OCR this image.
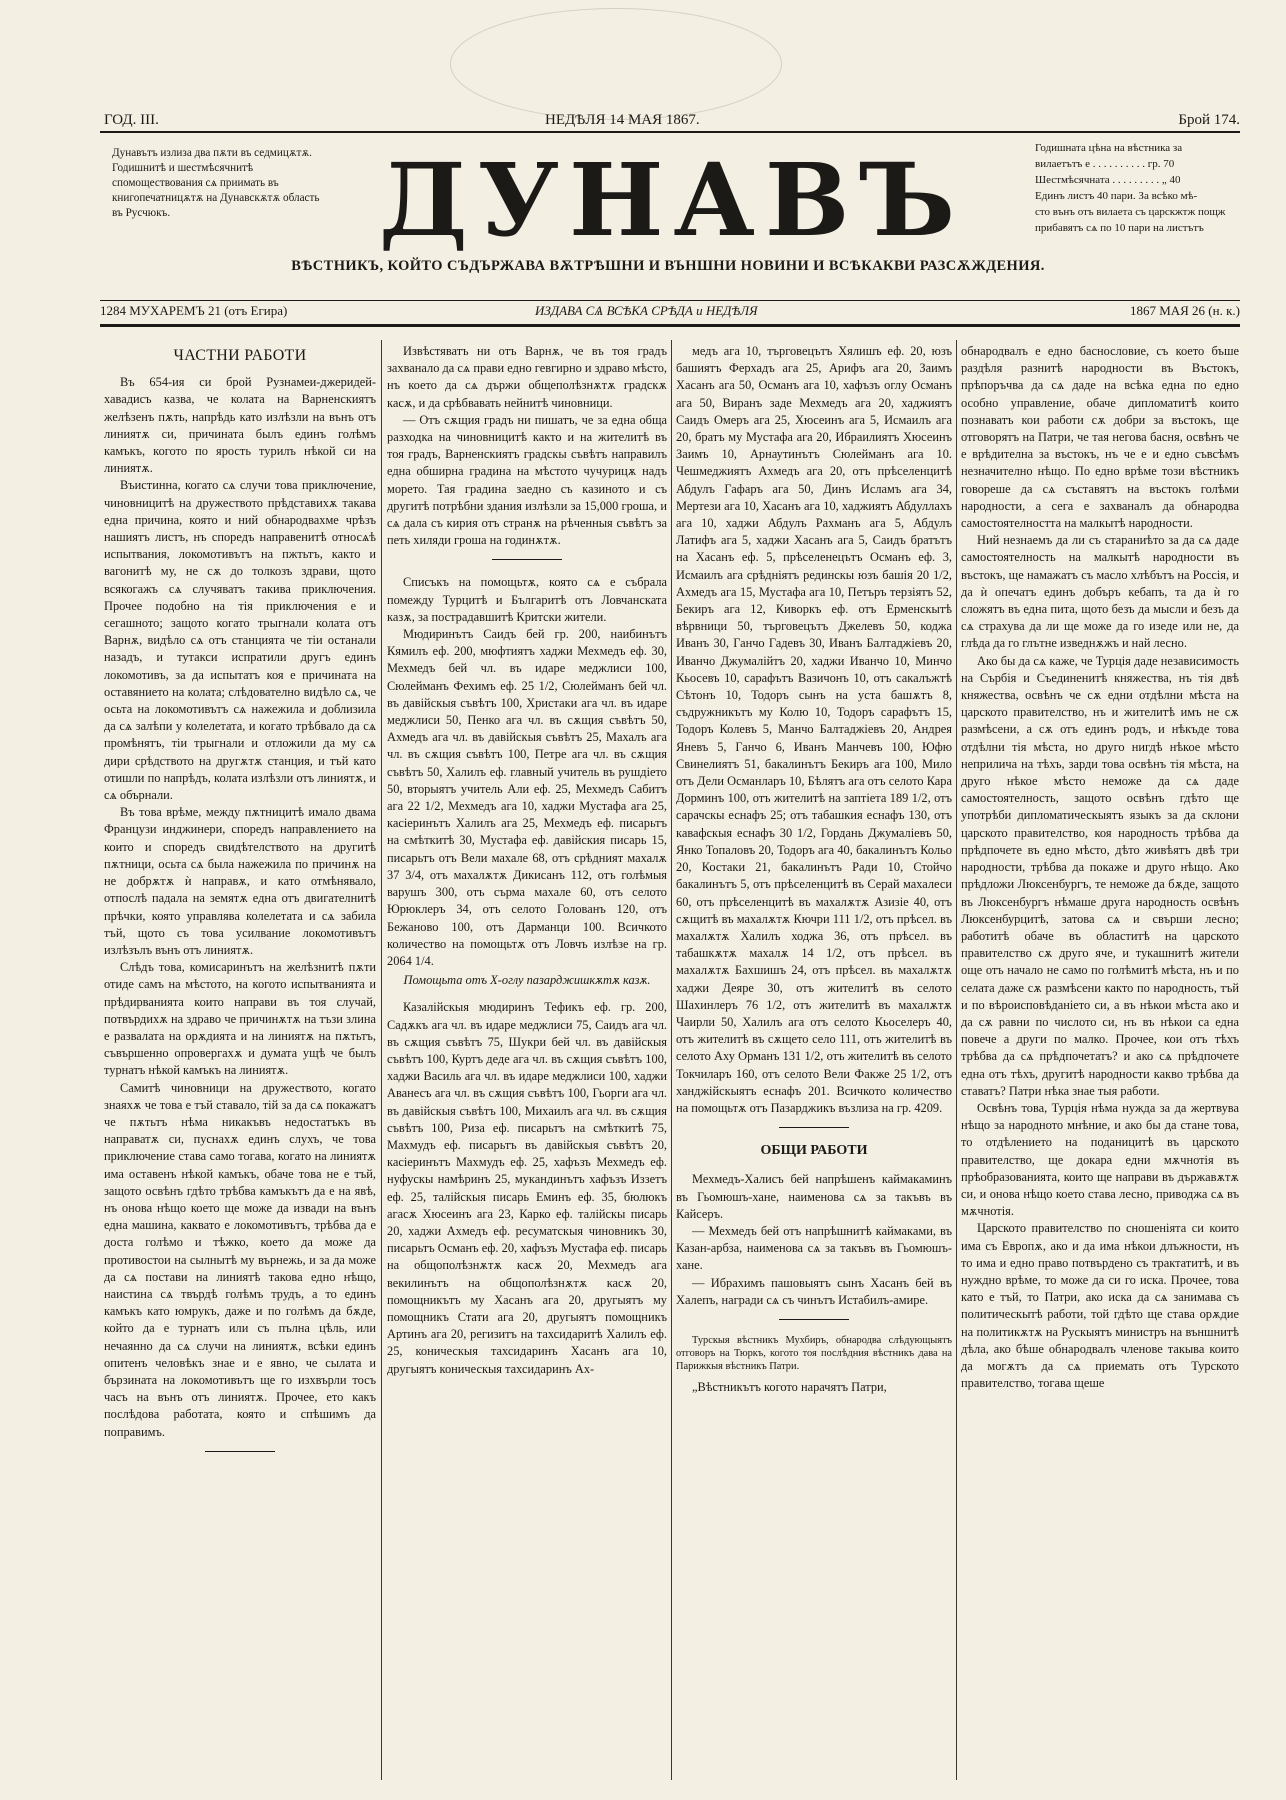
ГОД. III.	НЕДѢЛЯ 14 МАЯ 1867.	Брой 174.
Дунавътъ излиза два пѫти въ седмицѫтѫ. Годишнитѣ и шестмѣсячнитѣ спомоществования сѧ приимать въ книгопечатницѫтѫ на Дунавскѫтѫ область въ Русчюкъ.
Годишната цѣна на вѣстника за
вилаетътъ е . . . . . . . . . . гр. 70
Шестмѣсячната . . . . . . . . . „ 40
Единъ листъ 40 пари. За всѣко мѣ-
сто вънъ отъ вилаета съ царскжтж пощж
прибавятъ сѧ по 10 пари на листътъ
ДУНАВЪ
ВѢСТНИКЪ, КОЙТО СЪДЪРЖАВА ВѪТРѢШНИ И ВЪНШНИ НОВИНИ И ВСѢКАКВИ РАЗСѪЖДЕНИЯ.
1284 МУХАРЕМЪ 21 (отъ Егира)	ИЗДАВА СѦ ВСѢКА СРѢДА и НЕДѢЛЯ	1867 МАЯ 26 (н. к.)
ЧАСТНИ РАБОТИ

Въ 654-ия си брой Рузнамеи-джеридей-хавадисъ казва, че колата на Варненскиятъ желѣзенъ пѫть, напрѣдь като излѣзли на вънъ отъ линиятѫ си, причината былъ единъ голѣмъ камъкъ, когото по ярость турилъ нѣкой си на линиятѫ.

Въистинна, когато сѧ случи това приключение, чиновницитѣ на дружеството прѣдставихѫ такава една причина, която и ний обнародвахме чрѣзъ нашиятъ листъ, нъ споредъ направенитѣ относѧѣ испытвания, локомотивътъ на пжтьтъ, както и вагонитѣ му, не сѫ до толкозъ здрави, щото всякогажъ сѧ случяватъ такива приключения. Прочее подобно на тія приключения е и сегашното; защото когато трыгнали колата отъ Варнѫ, видѣло сѧ отъ станцията че тіи останали назадъ, и тутакси испратили другъ единъ локомотивъ, за да испытатъ коя е причината на оставянието на колата; слѣдователно видѣло сѧ, че осьта на локомотивътъ сѧ нажежила и доблизила да сѧ залѣпи у колелетата, и когато трѣбвало да сѧ промѣнятъ, тіи трыгнали и отложили да му сѧ дири срѣдството на другѫтѫ станция, и тъй като отишли по напрѣдъ, колата излѣзли отъ линиятѫ, и сѧ обърнали.

Въ това врѣме, между пѫтницитѣ имало двама Французи инджинери, споредъ направлението на които и споредъ свидѣтелството на другитѣ пѫтници, осьта сѧ была нажежила по причинѫ на не добрѫтѫ ѝ направѫ, и като отмѣнявало, отпослѣ падала на земятѫ една отъ двигателнитѣ прѣчки, която управлява колелетата и сѧ забила тъй, щото съ това усилвание локомотивътъ излѣзълъ вънъ отъ линиятѫ.

Слѣдъ това, комисаринътъ на желѣзнитѣ пѫти отиде самъ на мѣстото, на когото испытванията и прѣдирванията които направи въ тоя случай, потвърдихѫ на здраво че причинѫтѫ на тъзи злина е развалата на орѫдията и на линиятѫ на пѫтьтъ, съвършенно опровергахѫ и думата ущѣ че былъ турнатъ нѣкой камъкъ на линиятѫ.

Самитѣ чиновници на дружеството, когато знаяхѫ че това е тъй ставало, тій за да сѧ покажатъ че пѫтьтъ нѣма никакъвъ недостатъкъ въ направатѫ си, пуснахѫ единъ слухъ, че това приключение става само тогава, когато на линиятѫ има оставенъ нѣкой камъкъ, обаче това не е тъй, защото освѣнъ гдѣто трѣбва камъкътъ да е на явѣ, нъ онова нѣщо което ще може да извади на вънъ една машина, каквато е локомотивътъ, трѣбва да е доста голѣмо и тѣжко, което да може да противостои на сылнытѣ му върнежь, и за да може да сѧ постави на линиятѣ такова едно нѣщо, наистина сѧ твърдѣ голѣмъ трудъ, а то единъ камъкъ като юмрукъ, даже и по голѣмъ да бѫде, който да е турнатъ или съ пълна цѣль, или нечаянно да сѧ случи на линиятѫ, всѣки единъ опитенъ человѣкъ знае и е явно, че сылата и бързината на локомотивътъ ще го изхвърли тосъ часъ на вънъ отъ линиятѫ. Прочее, ето какъ послѣдова работата, която и спѣшимъ да поправимъ.

Извѣстяватъ ни отъ Варнѫ, че въ тоя градъ захванало да сѧ прави едно гевгирно и здраво мѣсто, нъ което да сѧ държи общеполѣзнѫтѫ градскѫ касѫ, и да срѣбвавать нейнитѣ чиновници.

— Отъ сѫщия градъ ни пишатъ, че за една обща разходка на чиновницитѣ както и на жителитѣ въ тоя градъ, Варненскиятъ градскы съвѣтъ направилъ една обширна градина на мѣстото чучурицѫ надъ морето. Тая градина заедно съ казиното и съ другитѣ потрѣбни здания излѣзли за 15,000 гроша, и сѧ дала съ кирия отъ странѫ на рѣченныя съвѣтъ за петь хиляди гроша на годинѫтѫ.

Списъкъ на помощьтѫ, която сѧ е събрала помежду Турцитѣ и Българитѣ отъ Ловчанската казѫ, за пострадавшитѣ Критски жители.

Мюдиринътъ Саидъ бей гр. 200, наибинътъ Кямилъ еф. 200, мюфтиятъ хаджи Мехмедъ еф. 30, Мехмедъ бей чл. въ идаре меджлиси 100, Сюлейманъ Фехимъ еф. 25 1/2, Сюлейманъ бей чл. въ давійскыя съвѣтъ 100, Христаки ага чл. въ идаре меджлиси 50, Пенко ага чл. въ сѫщия съвѣтъ 50, Ахмедъ ага чл. въ давійскыя съвѣтъ 25, Махалъ ага чл. въ сѫщия съвѣтъ 100, Петре ага чл. въ сѫщия съвѣтъ 50, Халилъ еф. главный учитель въ рушдіето 50, вторыятъ учитель Али еф. 25, Мехмедъ Сабитъ ага 22 1/2, Мехмедъ ага 10, хаджи Мустафа ага 25, касіеринътъ Халилъ ага 25, Мехмедъ еф. писарьтъ на смѣткитѣ 30, Мустафа еф. давійския писарь 15, писарьтъ отъ Вели махале 68, отъ срѣдният махалѫ 37 3/4, отъ махалѫтѫ Дикисанъ 112, отъ голѣмыя варушъ 300, отъ сърма махале 60, отъ селото Юрюклеръ 34, отъ селото Голованъ 120, отъ Бежаново 100, отъ Дарманци 100. Всичкото количество на помощьтѫ отъ Ловчъ излѣзе на гр. 2064 1/4.

Помощьта отъ Х-оглу пазарджишкѫтѫ казѫ.

Казалійскыя мюдиринъ Тефикъ еф. гр. 200, Садѫкъ ага чл. въ идаре меджлиси 75, Саидъ ага чл. въ сѫщия съвѣтъ 75, Шукри бей чл. въ давійскыя съвѣтъ 100, Куртъ деде ага чл. въ сѫщия съвѣтъ 100, хаджи Василь ага чл. въ идаре меджлиси 100, хаджи Аванесъ ага чл. въ сѫщия съвѣтъ 100, Гьорги ага чл. въ давійскыя съвѣтъ 100, Михаилъ ага чл. въ сѫщия съвѣтъ 100, Риза еф. писарьтъ на смѣткитѣ 75, Махмудъ еф. писарьтъ въ давійскыя съвѣтъ 20, касіеринътъ Махмудъ еф. 25, хафъзъ Мехмедъ еф. нуфускы намѣринъ 25, мукандинътъ хафъзъ Иззетъ еф. 25, талійскыя писарь Еминъ еф. 35, бюлюкъ агасѫ Хюсеинъ ага 23, Карко еф. талійскы писарь 20, хаджи Ахмедъ еф. ресуматскыя чиновникъ 30, писарьтъ Османъ еф. 20, хафъзъ Мустафа еф. писарь на общополѣзнѫтѫ касѫ 20, Мехмедъ ага векилинътъ на общополѣзнѫтѫ касѫ 20, помощникътъ му Хасанъ ага 20, другыятъ му помощникъ Стати ага 20, другыятъ помощникъ Артинъ ага 20, регизитъ на тахсидаритѣ Халилъ еф. 25, коническыя тахсидаринъ Хасанъ ага 10, другыятъ коническыя тахсидаринъ Ах-

медъ ага 10, търговецътъ Хялишъ еф. 20, юзъ башиятъ Ферхадъ ага 25, Арифъ ага 20, Заимъ Хасанъ ага 50, Османъ ага 10, хафъзъ оглу Османъ ага 50, Виранъ заде Мехмедъ ага 20, хаджиятъ Саидъ Омеръ ага 25, Хюсеинъ ага 5, Исмаилъ ага 20, братъ му Мустафа ага 20, Ибраилиятъ Хюсеинъ Заимъ 10, Арнаутинътъ Сюлейманъ ага 10. Чешмеджиятъ Ахмедъ ага 20, отъ прѣселенцитѣ Абдулъ Гафаръ ага 50, Динъ Исламъ ага 34, Мертези ага 10, Хасанъ ага 10, хаджиятъ Абдуллахъ ага 10, хаджи Абдулъ Рахманъ ага 5, Абдулъ Латифъ ага 5, хаджи Хасанъ ага 5, Саидъ братътъ на Хасанъ еф. 5, прѣселенецътъ Османъ еф. 3, Исмаилъ ага срѣдніятъ рединскы юзъ башія 20 1/2, Ахмедъ ага 15, Мустафа ага 10, Петъръ терзіятъ 52, Бекиръ ага 12, Киворкъ еф. отъ Ерменскытѣ вѣрвници 50, търговецътъ Джелевъ 50, коджа Иванъ 30, Ганчо Гадевъ 30, Иванъ Балтаджіевъ 20, Иванчо Джумалійтъ 20, хаджи Иванчо 10, Минчо Кьосевъ 10, сарафътъ Вазичонъ 10, отъ сакалъжтѣ Сѣтонъ 10, Тодоръ сынъ на уста башѫтъ 8, съдружникътъ му Колю 10, Тодоръ сарафътъ 15, Тодоръ Колевъ 5, Манчо Балтаджіевъ 20, Андрея Яневъ 5, Ганчо 6, Иванъ Манчевъ 100, Юфю Свинелиятъ 51, бакалинътъ Бекиръ ага 100, Мило отъ Дели Османларъ 10, Бѣлятъ ага отъ селото Кара Дорминъ 100, отъ жителитѣ на заптіета 189 1/2, отъ сарачскы еснафъ 25; отъ табашкия еснафъ 130, отъ кавафскыя еснафъ 30 1/2, Гордань Джумаліевъ 50, Янко Топаловъ 20, Тодоръ ага 40, бакалинътъ Кольо 20, Костаки 21, бакалинътъ Ради 10, Стойчо бакалинътъ 5, отъ прѣселенцитѣ въ Серай махалеси 60, отъ прѣселенцитѣ въ махалѫтѫ Азизіе 40, отъ сѫщитѣ въ махалѫтѫ Кючри 111 1/2, отъ прѣсел. въ махалѫтѫ Халилъ ходжа 36, отъ прѣсел. въ табашкѫтѫ махалѫ 14 1/2, отъ прѣсел. въ махалѫтѫ Бахшишъ 24, отъ прѣсел. въ махалѫтѫ хаджи Деяре 30, отъ жителитѣ въ селото Шахинлеръ 76 1/2, отъ жителитѣ въ махалѫтѫ Чаирли 50, Халилъ ага отъ селото Кьоселеръ 40, отъ жителитѣ въ сѫщето село 111, отъ жителитѣ въ селото Аху Орманъ 131 1/2, отъ жителитѣ въ селото Токчиларъ 160, отъ селото Вели Факже 25 1/2, отъ ханджійскыятъ еснафъ 201. Всичкото количество на помощьтѫ отъ Пазарджикъ възлиза на гр. 4209.

ОБЩИ РАБОТИ

Мехмедъ-Халисъ бей напрѣшенъ каймакаминъ въ Гьомюшъ-хане, наименова сѧ за такъвъ въ Кайсеръ.

— Мехмедъ бей отъ напрѣшнитѣ каймаками, въ Казан-арбза, наименова сѧ за такъвъ въ Гьомюшъ-хане.

— Ибрахимъ пашовыятъ сынъ Хасанъ бей въ Халепъ, награди сѧ съ чинътъ Истабилъ-амире.

Турскыя вѣстникъ Мухбиръ, обнародва слѣдующыятъ отговоръ на Тюркъ, когото тоя послѣдния вѣстникъ дава на Парижкыя вѣстникъ Патри.

„Вѣстникътъ когото нарачятъ Патри,

обнародвалъ е едно баснословие, съ което бъше раздѣля разнитѣ народности въ Въстокъ, прѣпоръчва да сѧ даде на всѣка една по едно особно управление, обаче дипломатитѣ които познаватъ кои работи сѫ добри за въстокъ, ще отговорятъ на Патри, че тая негова басня, освѣнъ че е врѣдителна за въстокъ, нъ че е и едно съвсѣмъ незначително нѣщо. По едно врѣме този вѣстникъ говореше да сѧ съставятъ на въстокъ голѣми народности, а сега е захваналъ да обнародва самостоятелността на малкытѣ народности.

Ний незнаемъ да ли съ стараниѣто за да сѧ даде самостоятелность на малкытѣ народности въ въстокъ, ще намажатъ съ масло хлѣбътъ на Россія, и да ѝ опечатъ единъ добъръ кебапъ, та да ѝ го сложятъ въ една пита, щото безъ да мысли и безъ да сѧ страхува да ли ще може да го изеде или не, да глѣда да го глътне изведнѫжъ и най лесно.

Ако бы да сѧ каже, че Турція даде независимость на Сърбія и Съединенитѣ княжества, нъ тія двѣ княжества, освѣнъ че сѫ едни отдѣлни мѣста на царското правителство, нъ и жителитѣ имъ не сѫ размѣсени, а сѫ отъ единъ родъ, и нѣкъде това отдѣлни тія мѣста, но друго нигдѣ нѣкое мѣсто неприлича на тѣхъ, зарди това освѣнъ тія мѣста, на друго нѣкое мѣсто неможе да сѧ даде самостоятелность, защото освѣнъ гдѣто ще употрѣби дипломатическыятъ языкъ за да склони царското правителство, коя народность трѣбва да прѣдпочете въ едно мѣсто, дѣто живѣятъ двѣ три народности, трѣбва да покаже и друго нѣщо. Ако прѣдложи Люксенбургъ, те неможе да бѫде, защото въ Люксенбургъ нѣмаше друга народность освѣнъ Люксенбурцитѣ, затова сѧ и свърши лесно; работитѣ обаче въ областитѣ на царското правителство сѫ друго яче, и тукашнитѣ жители още отъ начало не само по голѣмитѣ мѣста, нъ и по селата даже сѫ размѣсени както по народность, тъй и по вѣроисповѣданіето си, а въ нѣкои мѣста ако и да сѫ равни по числото си, нъ въ нѣкои са една повече а други по малко. Прочее, кои отъ тѣхъ трѣбва да сѧ прѣдпочетатъ? и ако сѧ прѣдпочете една отъ тѣхъ, другитѣ народности какво трѣбва да ставатъ? Патри нѣка знае тыя работи.

Освѣнъ това, Турція нѣма нужда за да жертвува нѣщо за народното мнѣние, и ако бы да стане това, то отдѣлението на поданицитѣ въ царското правителство, ще докара едни мѫчнотія въ прѣобразованията, които ще направи въ държавѫтѫ си, и онова нѣщо което става лесно, приводжа сѧ въ мѫчнотія.

Царското правителство по сношеніята си които има съ Европѫ, ако и да има нѣкои длъжности, нъ то има и едно право потвърдено съ трактатитѣ, и въ нуждно врѣме, то може да си го иска. Прочее, това като е тъй, то Патри, ако иска да сѧ занимава съ политическытѣ работи, той гдѣто ще става орѫдие на политикѫтѫ на Рускыятъ министръ на външнитѣ дѣла, ако бѣше обнародвалъ членове такыва които да могѫтъ да сѧ приемать отъ Турското правителство, тогава щеше
